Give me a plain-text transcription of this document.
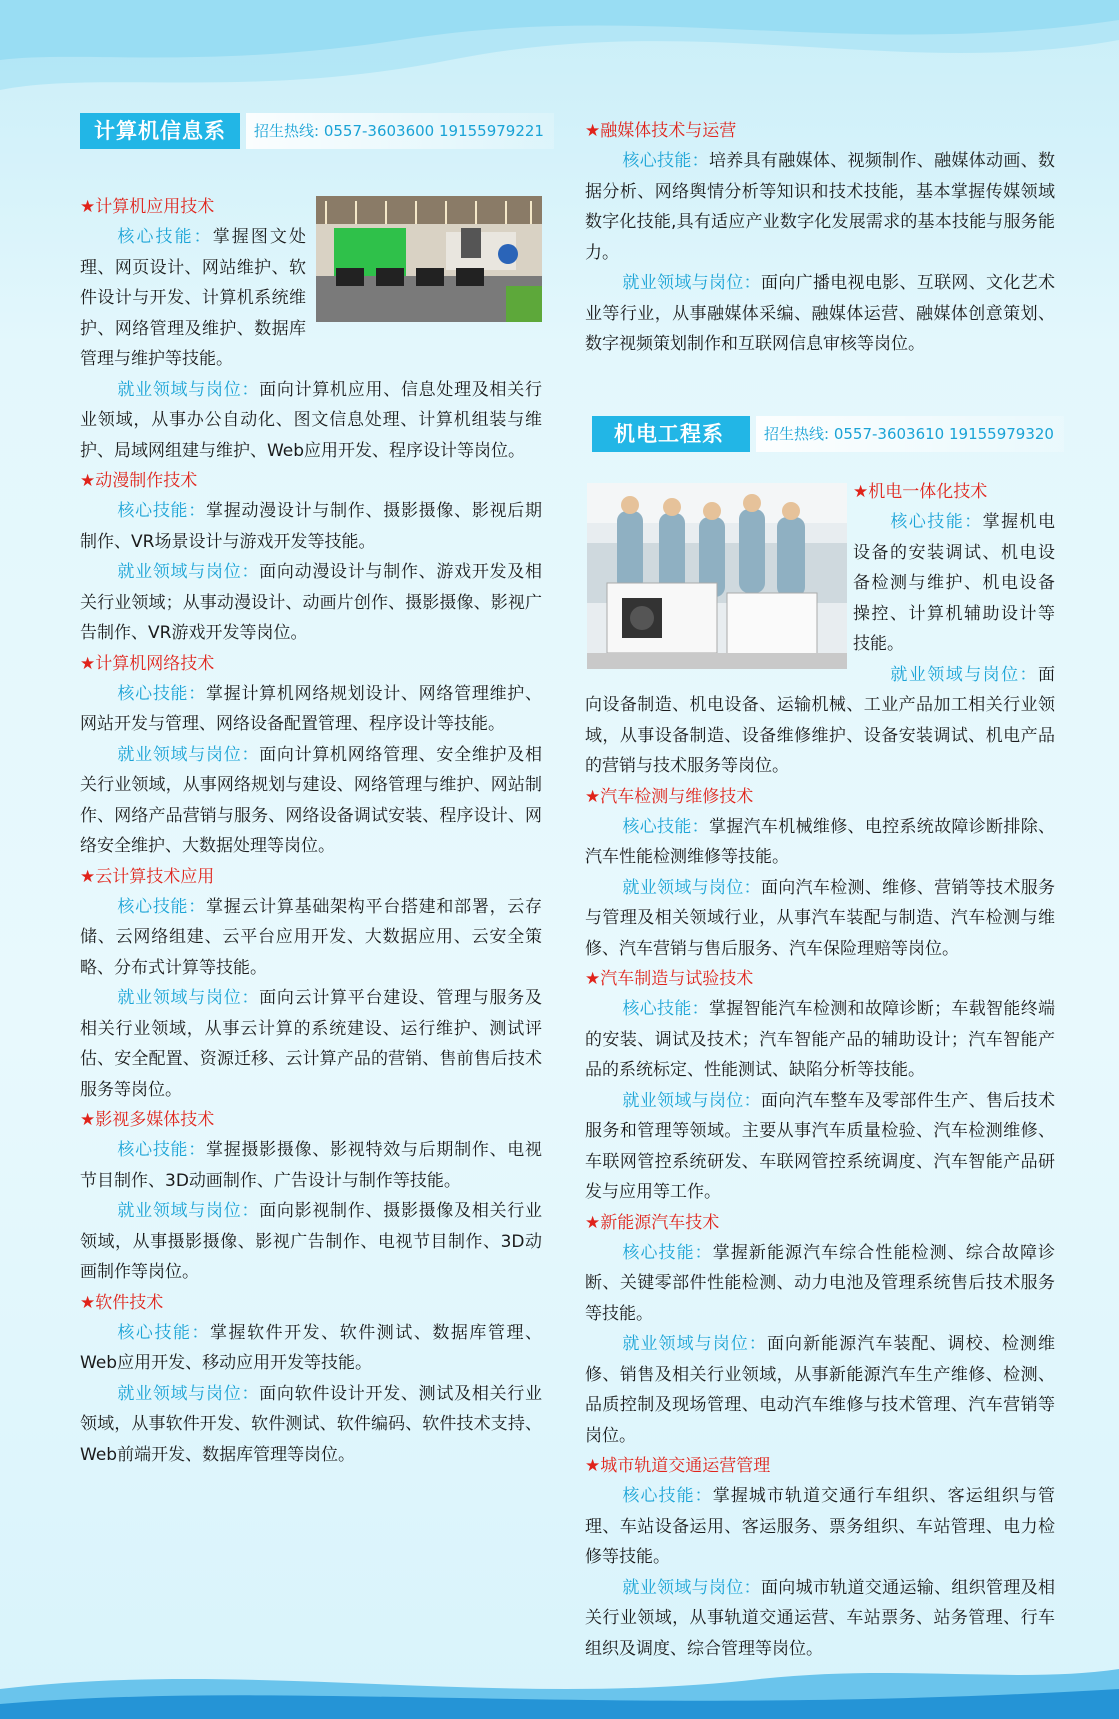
计算机信息系	招生热线: 0557-3603600 19155979221
★计算机应用技术

核心技能：掌握图文处理、网页设计、网站维护、软件设计与开发、计算机系统维护、网络管理及维护、数据库管理与维护等技能。

就业领域与岗位：面向计算机应用、信息处理及相关行业领域，从事办公自动化、图文信息处理、计算机组装与维护、局域网组建与维护、Web应用开发、程序设计等岗位。

★动漫制作技术

核心技能：掌握动漫设计与制作、摄影摄像、影视后期制作、VR场景设计与游戏开发等技能。

就业领域与岗位：面向动漫设计与制作、游戏开发及相关行业领域；从事动漫设计、动画片创作、摄影摄像、影视广告制作、VR游戏开发等岗位。

★计算机网络技术

核心技能：掌握计算机网络规划设计、网络管理维护、网站开发与管理、网络设备配置管理、程序设计等技能。

就业领域与岗位：面向计算机网络管理、安全维护及相关行业领域，从事网络规划与建设、网络管理与维护、网站制作、网络产品营销与服务、网络设备调试安装、程序设计、网络安全维护、大数据处理等岗位。

★云计算技术应用

核心技能：掌握云计算基础架构平台搭建和部署，云存储、云网络组建、云平台应用开发、大数据应用、云安全策略、分布式计算等技能。

就业领域与岗位：面向云计算平台建设、管理与服务及相关行业领域，从事云计算的系统建设、运行维护、测试评估、安全配置、资源迁移、云计算产品的营销、售前售后技术服务等岗位。

★影视多媒体技术

核心技能：掌握摄影摄像、影视特效与后期制作、电视节目制作、3D动画制作、广告设计与制作等技能。

就业领域与岗位：面向影视制作、摄影摄像及相关行业领域，从事摄影摄像、影视广告制作、电视节目制作、3D动画制作等岗位。

★软件技术

核心技能：掌握软件开发、软件测试、数据库管理、Web应用开发、移动应用开发等技能。

就业领域与岗位：面向软件设计开发、测试及相关行业领域，从事软件开发、软件测试、软件编码、软件技术支持、Web前端开发、数据库管理等岗位。

★融媒体技术与运营

核心技能：培养具有融媒体、视频制作、融媒体动画、数据分析、网络舆情分析等知识和技术技能，基本掌握传媒领域数字化技能,具有适应产业数字化发展需求的基本技能与服务能力。

就业领域与岗位：面向广播电视电影、互联网、文化艺术业等行业，从事融媒体采编、融媒体运营、融媒体创意策划、数字视频策划制作和互联网信息审核等岗位。

机电工程系	招生热线: 0557-3603610 19155979320
★机电一体化技术

核心技能：掌握机电设备的安装调试、机电设备检测与维护、机电设备操控、计算机辅助设计等技能。

就业领域与岗位：面向设备制造、机电设备、运输机械、工业产品加工相关行业领域，从事设备制造、设备维修维护、设备安装调试、机电产品的营销与技术服务等岗位。

★汽车检测与维修技术

核心技能：掌握汽车机械维修、电控系统故障诊断排除、汽车性能检测维修等技能。

就业领域与岗位：面向汽车检测、维修、营销等技术服务与管理及相关领域行业，从事汽车装配与制造、汽车检测与维修、汽车营销与售后服务、汽车保险理赔等岗位。

★汽车制造与试验技术

核心技能：掌握智能汽车检测和故障诊断；车载智能终端的安装、调试及技术；汽车智能产品的辅助设计；汽车智能产品的系统标定、性能测试、缺陷分析等技能。

就业领域与岗位：面向汽车整车及零部件生产、售后技术服务和管理等领域。主要从事汽车质量检验、汽车检测维修、车联网管控系统研发、车联网管控系统调度、汽车智能产品研发与应用等工作。

★新能源汽车技术

核心技能：掌握新能源汽车综合性能检测、综合故障诊断、关键零部件性能检测、动力电池及管理系统售后技术服务等技能。

就业领域与岗位：面向新能源汽车装配、调校、检测维修、销售及相关行业领域，从事新能源汽车生产维修、检测、品质控制及现场管理、电动汽车维修与技术管理、汽车营销等岗位。

★城市轨道交通运营管理

核心技能：掌握城市轨道交通行车组织、客运组织与管理、车站设备运用、客运服务、票务组织、车站管理、电力检修等技能。

就业领域与岗位：面向城市轨道交通运输、组织管理及相关行业领域，从事轨道交通运营、车站票务、站务管理、行车组织及调度、综合管理等岗位。
